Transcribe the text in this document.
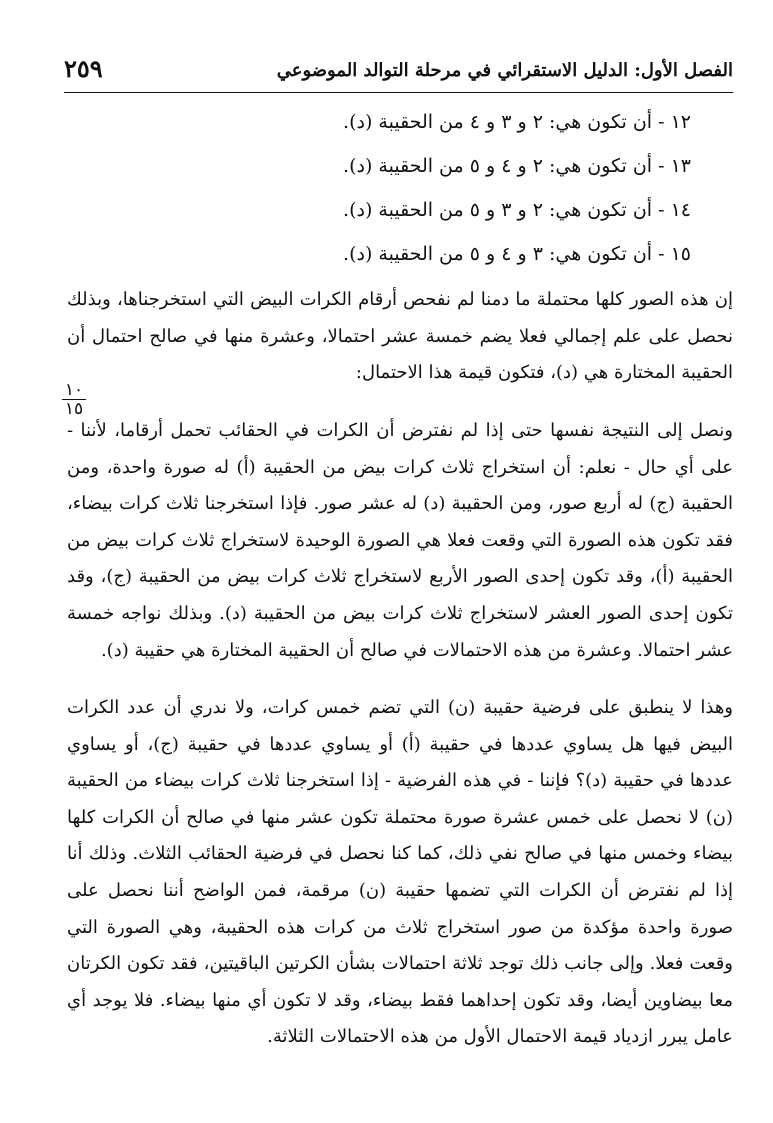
الفصل الأول: الدليل الاستقرائي في مرحلة التوالد الموضوعي
٢٥٩
١٢ - أن تكون هي: ٢ و ٣ و ٤ من الحقيبة (د).
١٣ - أن تكون هي: ٢ و ٤ و ٥ من الحقيبة (د).
١٤ - أن تكون هي: ٢ و ٣ و ٥ من الحقيبة (د).
١٥ - أن تكون هي: ٣ و ٤ و ٥ من الحقيبة (د).

إن هذه الصور كلها محتملة ما دمنا لم نفحص أرقام الكرات البيض التي استخرجناها، وبذلك نحصل على علم إجمالي فعلا يضم خمسة عشر احتمالا، وعشرة منها في صالح احتمال أن الحقيبة المختارة هي (د)، فتكون قيمة هذا الاحتمال:

١٠
١٥

ونصل إلى النتيجة نفسها حتى إذا لم نفترض أن الكرات في الحقائب تحمل أرقاما، لأننا - على أي حال - نعلم: أن استخراج ثلاث كرات بيض من الحقيبة (أ) له صورة واحدة، ومن الحقيبة (ج) له أربع صور، ومن الحقيبة (د) له عشر صور. فإذا استخرجنا ثلاث كرات بيضاء، فقد تكون هذه الصورة التي وقعت فعلا هي الصورة الوحيدة لاستخراج ثلاث كرات بيض من الحقيبة (أ)، وقد تكون إحدى الصور الأربع لاستخراج ثلاث كرات بيض من الحقيبة (ج)، وقد تكون إحدى الصور العشر لاستخراج ثلاث كرات بيض من الحقيبة (د). وبذلك نواجه خمسة عشر احتمالا. وعشرة من هذه الاحتمالات في صالح أن الحقيبة المختارة هي حقيبة (د).

وهذا لا ينطبق على فرضية حقيبة (ن) التي تضم خمس كرات، ولا ندري أن عدد الكرات البيض فيها هل يساوي عددها في حقيبة (أ) أو يساوي عددها في حقيبة (ج)، أو يساوي عددها في حقيبة (د)؟ فإننا - في هذه الفرضية - إذا استخرجنا ثلاث كرات بيضاء من الحقيبة (ن) لا نحصل على خمس عشرة صورة محتملة تكون عشر منها في صالح أن الكرات كلها بيضاء وخمس منها في صالح نفي ذلك، كما كنا نحصل في فرضية الحقائب الثلاث. وذلك أنا إذا لم نفترض أن الكرات التي تضمها حقيبة (ن) مرقمة، فمن الواضح أننا نحصل على صورة واحدة مؤكدة من صور استخراج ثلاث من كرات هذه الحقيبة، وهي الصورة التي وقعت فعلا. وإلى جانب ذلك توجد ثلاثة احتمالات بشأن الكرتين الباقيتين، فقد تكون الكرتان معا بيضاوين أيضا، وقد تكون إحداهما فقط بيضاء، وقد لا تكون أي منها بيضاء. فلا يوجد أي عامل يبرر ازدياد قيمة الاحتمال الأول من هذه الاحتمالات الثلاثة.
